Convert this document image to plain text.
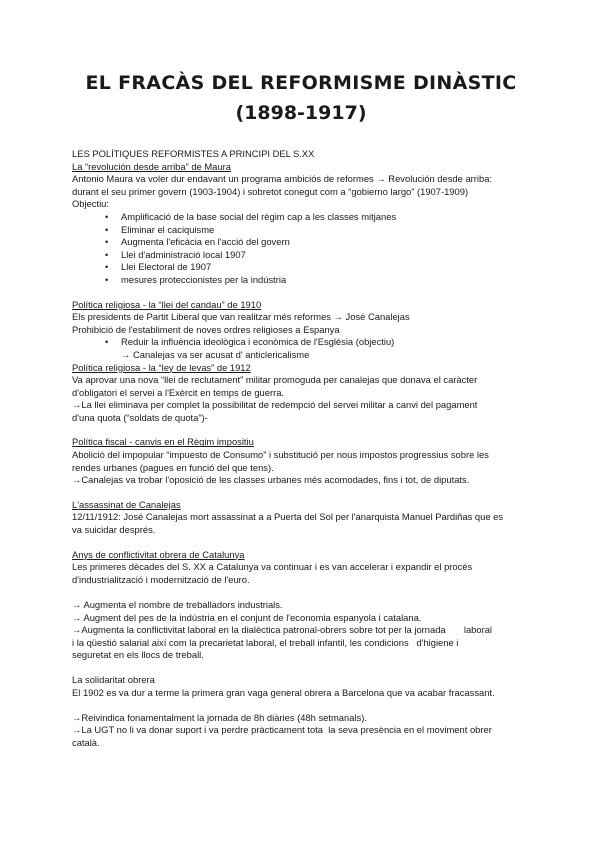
EL FRACÀS DEL REFORMISME DINÀSTIC
(1898-1917)

LES POLÍTIQUES REFORMISTES A PRINCIPI DEL S.XX

La “revolución desde arriba” de Maura

Antonio Maura va voler dur endavant un programa ambiciós de reformes → Revolución desde arriba:

durant el seu primer govern (1903-1904) i sobretot conegut com a “gobierno largo” (1907-1909)

Objectiu:

• Amplificació de la base social del règim cap a les classes mitjanes
• Eliminar el caciquisme
• Augmenta l'eficàcia en l'acció del govern
• Llei d'administració local 1907
• Llei Electoral de 1907
• mesures proteccionistes per la indústria

Política religiosa - la “llei del candau” de 1910

Els presidents de Partit Liberal que van realitzar més reformes → José Canalejas

Prohibició de l'establiment de noves ordres religioses a Espanya

• Reduir la influència ideològica i econòmica de l'Església (objectiu)
→ Canalejas va ser acusat d' anticlericalisme

Política religiosa - la “ley de levas” de 1912

Va aprovar una nova “llei de reclutament” militar promoguda per canalejas que donava el caràcter

d'obligatori el servei a l'Exèrcit en temps de guerra.

→La llei eliminava per complet la possibilitat de redempció del servei militar a canvi del pagament

d'una quota (“soldats de quota”)-

Política fiscal - canvis en el Règim impositiu

Abolició del impopular “impuesto de Consumo” i substitució per nous impostos progressius sobre les

rendes urbanes (pagues en funció del que tens).

→Canalejas va trobar l'oposició de les classes urbanes més acomodades, fins i tot, de diputats.

L'assassinat de Canalejas

12/11/1912: José Canalejas mort assassinat a a Puerta del Sol per l'anarquista Manuel Pardiñas que es

va suicidar després.

Anys de conflictivitat obrera de Catalunya

Les primeres dècades del S. XX a Catalunya va continuar i es van accelerar i expandir el procés

d'industrialització i modernització de l'euro.

→ Augmenta el nombre de treballadors industrials.

→ Augment del pes de la indústria en el conjunt de l'economia espanyola i catalana.

→Augmenta la conflictivitat laboral en la dialèctica patronal-obrers sobre tot per la jornada       laboral

i la qüestió salarial així com la precarietat laboral, el treball infantil, les condicions   d'higiene i

seguretat en els llocs de treball.

La solidaritat obrera

El 1902 es va dur a terme la primera gran vaga general obrera a Barcelona que va acabar fracassant.

→Reivindica fonamentalment la jornada de 8h diàries (48h setmanals).

→La UGT no li va donar suport i va perdre pràcticament tota  la seva presència en el moviment obrer

català.
